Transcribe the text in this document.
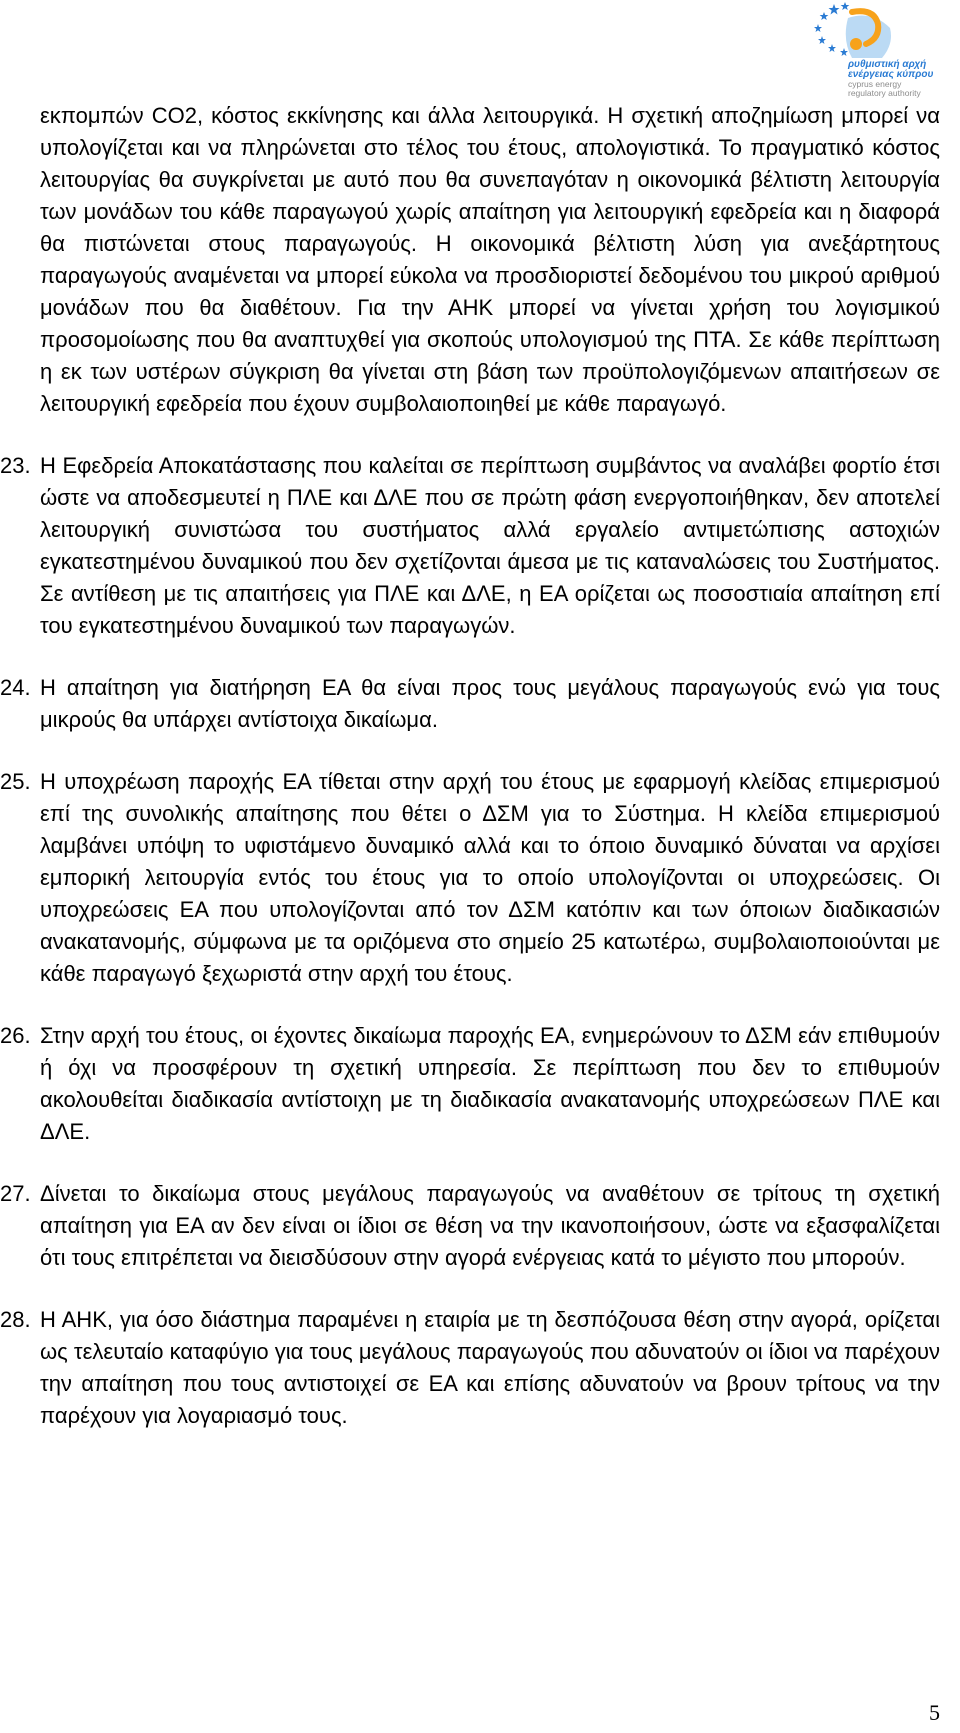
ρυθμιστική αρχή
ενέργειας κύπρου
cyprus energy
regulatory authority

εκπομπών CO2, κόστος εκκίνησης και άλλα λειτουργικά. Η σχετική αποζημίωση μπορεί να υπολογίζεται και να πληρώνεται στο τέλος του έτους, απολογιστικά. Το πραγματικό κόστος λειτουργίας θα συγκρίνεται με αυτό που θα συνεπαγόταν η οικονομικά βέλτιστη λειτουργία των μονάδων του κάθε παραγωγού χωρίς απαίτηση για λειτουργική εφεδρεία και η διαφορά θα πιστώνεται στους παραγωγούς. Η οικονομικά βέλτιστη λύση για ανεξάρτητους παραγωγούς αναμένεται να μπορεί εύκολα να προσδιοριστεί δεδομένου του μικρού αριθμού μονάδων που θα διαθέτουν. Για την ΑΗΚ μπορεί να γίνεται χρήση του λογισμικού προσομοίωσης που θα αναπτυχθεί για σκοπούς υπολογισμού της ΠΤΑ. Σε κάθε περίπτωση η εκ των υστέρων σύγκριση θα γίνεται στη βάση των προϋπολογιζόμενων απαιτήσεων σε λειτουργική εφεδρεία που έχουν συμβολαιοποιηθεί με κάθε παραγωγό.

23. Η Εφεδρεία Αποκατάστασης που καλείται σε περίπτωση συμβάντος να αναλάβει φορτίο έτσι ώστε να αποδεσμευτεί η ΠΛΕ και ΔΛΕ που σε πρώτη φάση ενεργοποιήθηκαν, δεν αποτελεί λειτουργική συνιστώσα του συστήματος αλλά εργαλείο αντιμετώπισης αστοχιών εγκατεστημένου δυναμικού που δεν σχετίζονται άμεσα με τις καταναλώσεις του Συστήματος. Σε αντίθεση με τις απαιτήσεις για ΠΛΕ και ΔΛΕ, η ΕΑ ορίζεται ως ποσοστιαία απαίτηση επί του εγκατεστημένου δυναμικού των παραγωγών.
24. Η απαίτηση για διατήρηση ΕΑ θα είναι προς τους μεγάλους παραγωγούς ενώ για τους μικρούς θα υπάρχει αντίστοιχα δικαίωμα.
25. Η υποχρέωση παροχής ΕΑ τίθεται στην αρχή του έτους με εφαρμογή κλείδας επιμερισμού επί της συνολικής απαίτησης που θέτει ο ΔΣΜ για το Σύστημα. Η κλείδα επιμερισμού λαμβάνει υπόψη το υφιστάμενο δυναμικό αλλά και το όποιο δυναμικό δύναται να αρχίσει εμπορική λειτουργία εντός του έτους για το οποίο υπολογίζονται οι υποχρεώσεις. Οι υποχρεώσεις ΕΑ που υπολογίζονται από τον ΔΣΜ κατόπιν και των όποιων διαδικασιών ανακατανομής, σύμφωνα με τα οριζόμενα στο σημείο 25 κατωτέρω, συμβολαιοποιούνται με κάθε παραγωγό ξεχωριστά στην αρχή του έτους.
26. Στην αρχή του έτους, οι έχοντες δικαίωμα παροχής ΕΑ, ενημερώνουν το ΔΣΜ εάν επιθυμούν ή όχι να προσφέρουν τη σχετική υπηρεσία. Σε περίπτωση που δεν το επιθυμούν ακολουθείται διαδικασία αντίστοιχη με τη διαδικασία ανακατανομής υποχρεώσεων ΠΛΕ και ΔΛΕ.
27. Δίνεται το δικαίωμα στους μεγάλους παραγωγούς να αναθέτουν σε τρίτους τη σχετική απαίτηση για ΕΑ αν δεν είναι οι ίδιοι σε θέση να την ικανοποιήσουν, ώστε να εξασφαλίζεται ότι τους επιτρέπεται να διεισδύσουν στην αγορά ενέργειας κατά το μέγιστο που μπορούν.
28. Η ΑΗΚ, για όσο διάστημα παραμένει η εταιρία με τη δεσπόζουσα θέση στην αγορά, ορίζεται ως τελευταίο καταφύγιο για τους μεγάλους παραγωγούς που αδυνατούν οι ίδιοι να παρέχουν την απαίτηση που τους αντιστοιχεί σε ΕΑ και επίσης αδυνατούν να βρουν τρίτους να την παρέχουν για λογαριασμό τους.
5
